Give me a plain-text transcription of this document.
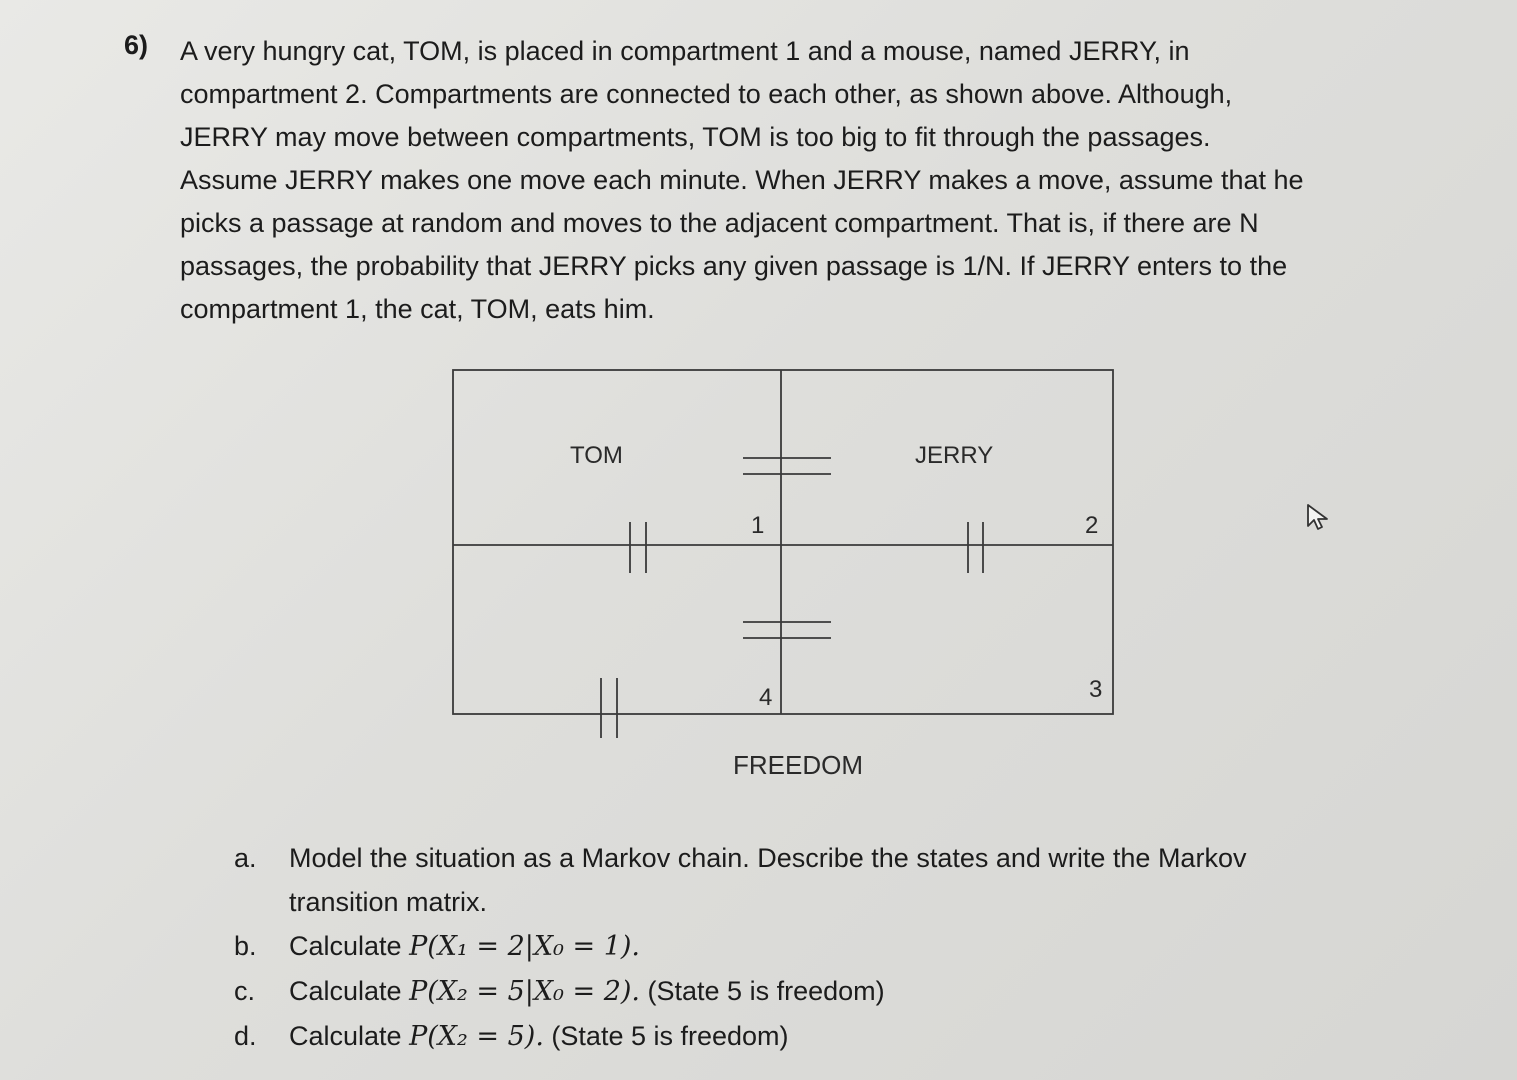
6) A very hungry cat, TOM, is placed in compartment 1 and a mouse, named JERRY, in
compartment 2. Compartments are connected to each other, as shown above. Although,
JERRY may move between compartments, TOM is too big to fit through the passages.
Assume JERRY makes one move each minute. When JERRY makes a move, assume that he
picks a passage at random and moves to the adjacent compartment. That is, if there are N
passages, the probability that JERRY picks any given passage is 1/N. If JERRY enters to the
compartment 1, the cat, TOM, eats him.
TOM	JERRY
1	2
3
4
FREEDOM
a. Model the situation as a Markov chain. Describe the states and write the Markov
transition matrix.
b. Calculate P(X₁ = 2|X₀ = 1).
c. Calculate P(X₂ = 5|X₀ = 2). (State 5 is freedom)
d. Calculate P(X₂ = 5). (State 5 is freedom)
